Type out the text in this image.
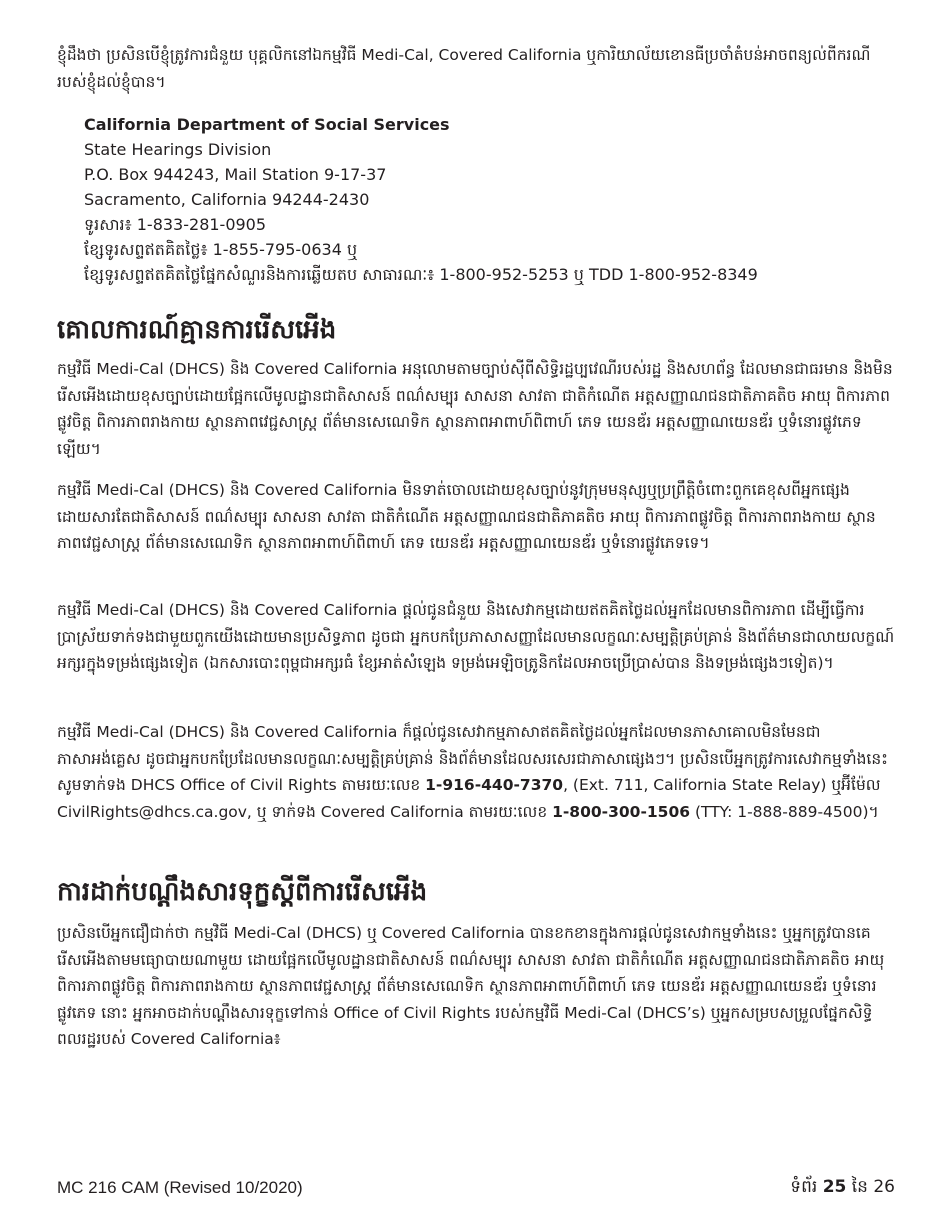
ខ្ញុំដឹងថា ប្រសិនបើខ្ញុំត្រូវការជំនួយ បុគ្គលិកនៅឯកម្មវិធី Medi-Cal, Covered California ឬការិយាល័យខោនធីប្រចាំតំបន់អាចពន្យល់ពីករណីរបស់ខ្ញុំដល់ខ្ញុំបាន។

California Department of Social Services
State Hearings Division
P.O. Box 944243, Mail Station 9-17-37
Sacramento, California 94244-2430
ទូរសារ៖ 1-833-281-0905
ខ្សែទូរសព្ទឥតគិតថ្លៃ៖ 1-855-795-0634 ឬ
ខ្សែទូរសព្ទឥតគិតថ្លៃផ្នែកសំណួរនិងការឆ្លើយតប សាធារណៈ៖ 1-800-952-5253 ឬ TDD 1-800-952-8349
គោលការណ៍គ្មានការរើសអើង

កម្មវិធី Medi-Cal (DHCS) និង Covered California អនុលោមតាមច្បាប់ស៊ីពីសិទ្ធិរដ្ឋប្បវេណីរបស់រដ្ឋ និងសហព័ន្ធ ដែលមានជាធរមាន និងមិនរើសអើងដោយខុសច្បាប់ដោយផ្អែកលើមូលដ្ឋានជាតិសាសន៍ ពណ៌សម្បុរ សាសនា សាវតា ជាតិកំណើត អត្តសញ្ញាណជនជាតិភាគតិច អាយុ ពិការភាពផ្លូវចិត្ត ពិការភាពរាងកាយ ស្ថានភាពវេជ្ជសាស្ត្រ ព័ត៌មានសេណេទិក ស្ថានភាពអាពាហ៍ពិពាហ៍ ភេទ យេនឌ័រ អត្តសញ្ញាណយេនឌ័រ ឬទំនោរផ្លូវភេទឡើយ។

កម្មវិធី Medi-Cal (DHCS) និង Covered California មិនទាត់ចោលដោយខុសច្បាប់នូវក្រុមមនុស្សឬប្រព្រឹត្តិចំពោះពួកគេខុសពីអ្នកផ្សេងដោយសារតែជាតិសាសន៍ ពណ៌សម្បុរ សាសនា សាវតា ជាតិកំណើត អត្តសញ្ញាណជនជាតិភាគតិច អាយុ ពិការភាពផ្លូវចិត្ត ពិការភាពរាងកាយ ស្ថានភាពវេជ្ជសាស្ត្រ ព័ត៌មានសេណេទិក ស្ថានភាពអាពាហ៍ពិពាហ៍ ភេទ យេនឌ័រ អត្តសញ្ញាណយេនឌ័រ ឬទំនោរផ្លូវភេទទេ។

កម្មវិធី Medi-Cal (DHCS) និង Covered California ផ្តល់ជូនជំនួយ និងសេវាកម្មដោយឥតគិតថ្លៃដល់អ្នកដែលមានពិការភាព ដើម្បីធ្វើការប្រាស្រ័យទាក់ទងជាមួយពួកយើងដោយមានប្រសិទ្ធភាព ដូចជា អ្នកបកប្រែភាសាសញ្ញាដែលមានលក្ខណៈសម្បត្តិគ្រប់គ្រាន់ និងព័ត៌មានជាលាយលក្ខណ៍អក្សរក្នុងទម្រង់ផ្សេងទៀត (ឯកសារបោះពុម្ពជាអក្សរធំ ខ្សែអាត់សំឡេង ទម្រង់អេឡិចត្រូនិកដែលអាចប្រើប្រាស់បាន និងទម្រង់ផ្សេងៗទៀត)។

កម្មវិធី Medi-Cal (DHCS) និង Covered California ក៏ផ្តល់ជូនសេវាកម្មភាសាឥតគិតថ្លៃដល់អ្នកដែលមានភាសាគោលមិនមែនជាភាសាអង់គ្លេស ដូចជាអ្នកបកប្រែដែលមានលក្ខណៈសម្បត្តិគ្រប់គ្រាន់ និងព័ត៌មានដែលសរសេរជាភាសាផ្សេងៗ។ ប្រសិនបើអ្នកត្រូវការសេវាកម្មទាំងនេះ សូមទាក់ទង DHCS Office of Civil Rights តាមរយៈលេខ 1-916-440-7370, (Ext. 711, California State Relay) ឬអ៊ីម៉ែល CivilRights@dhcs.ca.gov, ឬ ទាក់ទង Covered California តាមរយៈលេខ 1-800-300-1506 (TTY: 1-888-889-4500)។

ការដាក់បណ្តឹងសារទុក្ខស្តីពីការរើសអើង

ប្រសិនបើអ្នកជឿជាក់ថា កម្មវិធី Medi-Cal (DHCS) ឬ Covered California បានខកខានក្នុងការផ្តល់ជូនសេវាកម្មទាំងនេះ ឬអ្នកត្រូវបានគេរើសអើងតាមមធ្យោបាយណាមួយ ដោយផ្អែកលើមូលដ្ឋានជាតិសាសន៍ ពណ៌សម្បុរ សាសនា សាវតា ជាតិកំណើត អត្តសញ្ញាណជនជាតិភាគតិច អាយុ ពិការភាពផ្លូវចិត្ត ពិការភាពរាងកាយ ស្ថានភាពវេជ្ជសាស្ត្រ ព័ត៌មានសេណេទិក ស្ថានភាពអាពាហ៍ពិពាហ៍ ភេទ យេនឌ័រ អត្តសញ្ញាណយេនឌ័រ ឬទំនោរផ្លូវភេទ នោះ អ្នកអាចដាក់បណ្តឹងសារទុក្ខទៅកាន់ Office of Civil Rights របស់កម្មវិធី Medi-Cal (DHCS’s) ឬអ្នកសម្របសម្រួលផ្នែកសិទ្ធិពលរដ្ឋរបស់ Covered California៖

MC 216 CAM (Revised 10/2020)	ទំព័រ 25 នៃ 26
